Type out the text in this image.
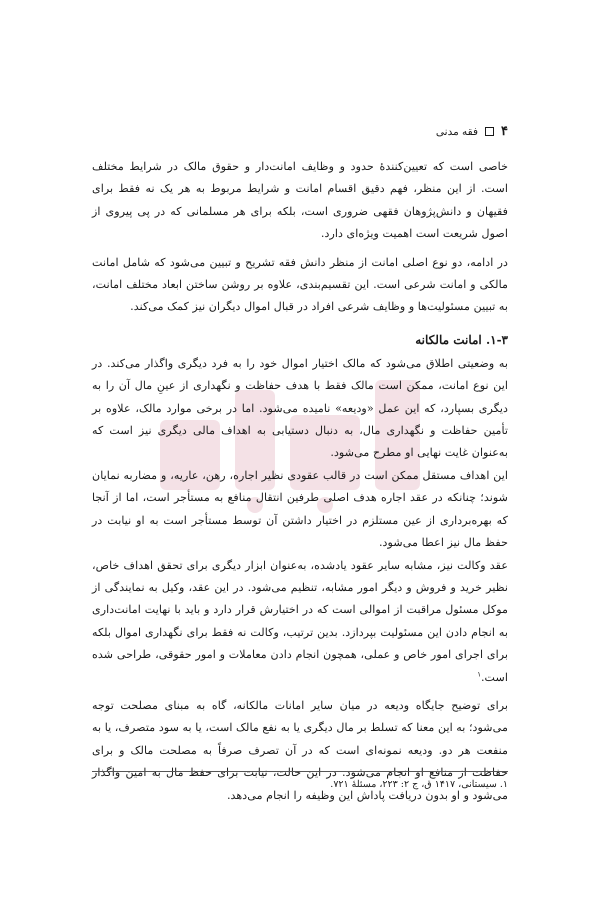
۴
فقه مدنی

خاصی است که تعیین‌کنندهٔ حدود و وظایف امانت‌دار و حقوق مالک در شرایط مختلف است. از این منظر، فهم دقیق اقسام امانت و شرایط مربوط به هر یک نه فقط برای فقیهان و دانش‌پژوهان فقهی ضروری است، بلکه برای هر مسلمانی که در پی پیروی از اصول شریعت است اهمیت ویژه‌ای دارد.

در ادامه، دو نوع اصلی امانت از منظر دانش فقه تشریح و تبیین می‌شود که شامل امانت مالکی و امانت شرعی است. این تقسیم‌بندی، علاوه بر روشن ساختن ابعاد مختلف امانت، به تبیین مسئولیت‌ها و وظایف شرعی افراد در قبال اموال دیگران نیز کمک می‌کند.

۱-۳. امانت مالکانه

به وضعیتی اطلاق می‌شود که مالک اختیار اموال خود را به فرد دیگری واگذار می‌کند. در این نوع امانت، ممکن است مالک فقط با هدف حفاظت و نگهداری از عینِ مال آن را به دیگری بسپارد، که این عمل «ودیعه» نامیده می‌شود. اما در برخی موارد مالک، علاوه بر تأمین حفاظت و نگهداری مال، به دنبال دستیابی به اهداف مالی دیگری نیز است که به‌عنوان غایت نهایی او مطرح می‌شود.

این اهداف مستقل ممکن است در قالب عقودی نظیر اجاره، رهن، عاریه، و مضاربه نمایان شوند؛ چنانکه در عقد اجاره هدف اصلی طرفین انتقال منافع به مستأجر است، اما از آنجا که بهره‌برداری از عین مستلزم در اختیار داشتن آن توسط مستأجر است به او نیابت در حفظ مال نیز اعطا می‌شود.

عقد وکالت نیز، مشابه سایر عقود یادشده، به‌عنوان ابزار دیگری برای تحقق اهداف خاص، نظیر خرید و فروش و دیگر امور مشابه، تنظیم می‌شود. در این عقد، وکیل به نمایندگی از موکل مسئول مراقبت از اموالی است که در اختیارش قرار دارد و باید با نهایت امانت‌داری به انجام دادن این مسئولیت بپردازد. بدین ترتیب، وکالت نه فقط برای نگهداری اموال بلکه برای اجرای امور خاص و عملی، همچون انجام دادن معاملات و امور حقوقی، طراحی شده است.$^۱$

برای توضیح جایگاه ودیعه در میان سایر امانات مالکانه، گاه به مبنای مصلحت توجه می‌شود؛ به این معنا که تسلط بر مال دیگری یا به نفع مالک است، یا به سود متصرف، یا به منفعت هر دو. ودیعه نمونه‌ای است که در آن تصرف صرفاً به مصلحت مالک و برای حفاظت از منافع او انجام می‌شود. در این حالت، نیابت برای حفظ مال به امین واگذار می‌شود و او بدون دریافت پاداش این وظیفه را انجام می‌دهد.

۱. سیستانی، ۱۴۱۷ ق، ج ۲: ۲۲۳، مسئلهٔ ۷۲۱.
